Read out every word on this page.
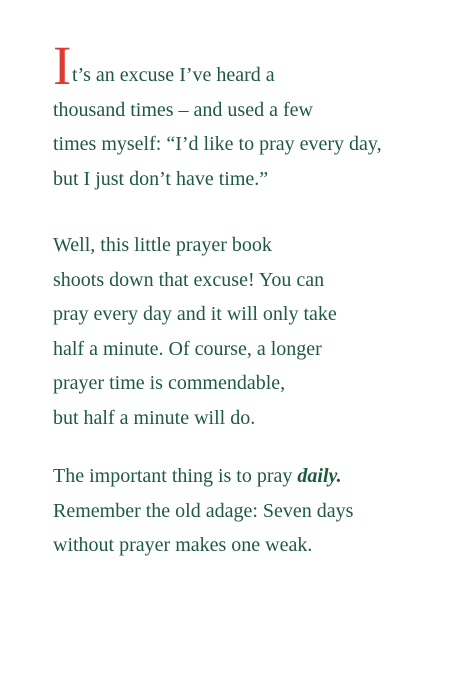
I t’s an excuse I’ve heard a
thousand times – and used a few
times myself: “I’d like to pray every day,
but I just don’t have time.”

Well, this little prayer book
shoots down that excuse! You can
pray every day and it will only take
half a minute. Of course, a longer
prayer time is commendable,
but half a minute will do.

The important thing is to pray daily.
Remember the old adage: Seven days
without prayer makes one weak.
